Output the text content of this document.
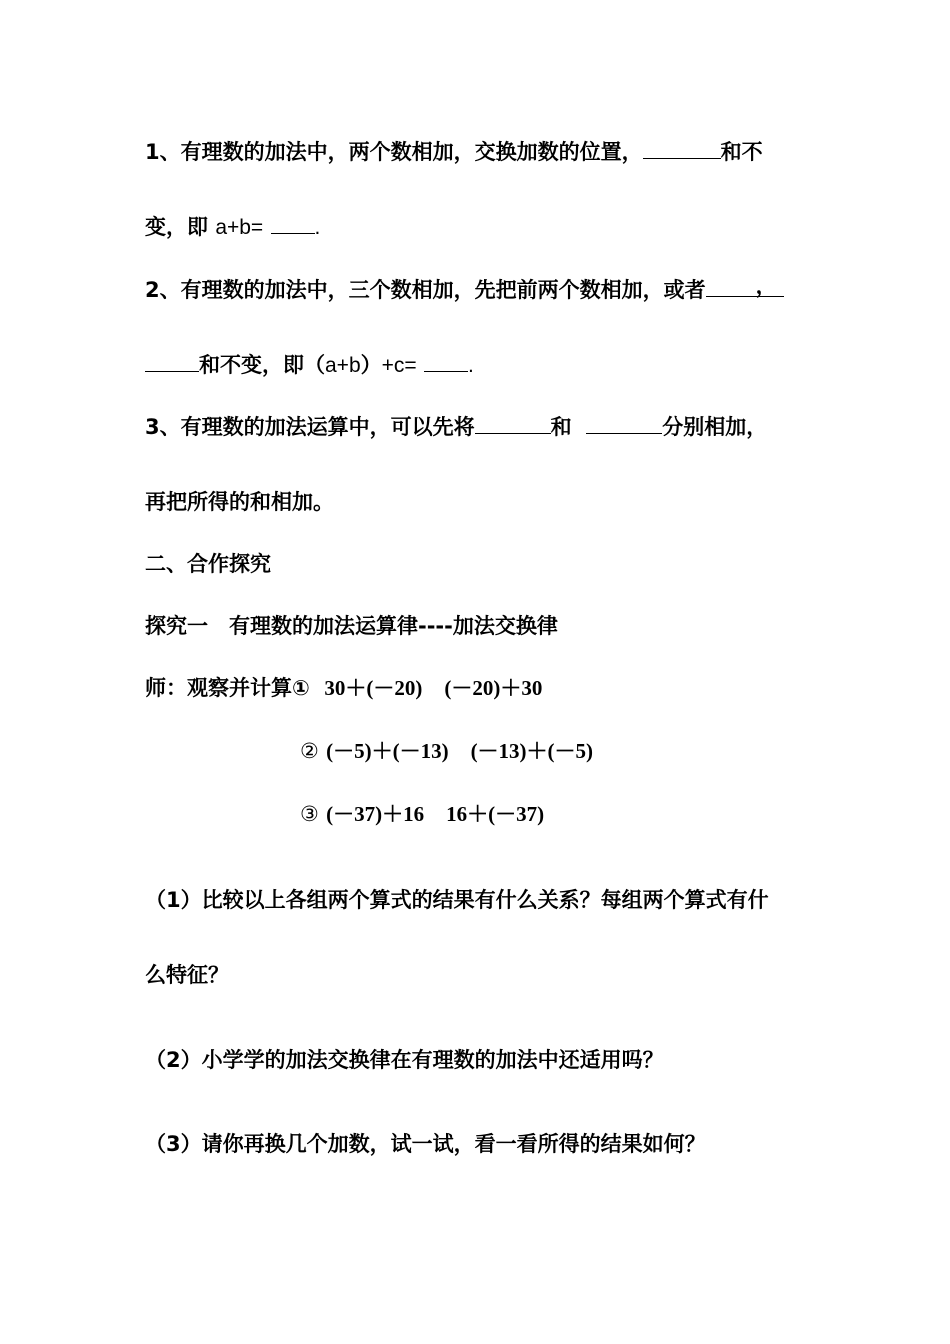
1、有理数的加法中，两个数相加，交换加数的位置，	和不
变，即 a+b= .
2、有理数的加法中，三个数相加，先把前两个数相加，或者 ，
和不变，即（a+b）+c= .
3、有理数的加法运算中，可以先将	和	分别相加，
再把所得的和相加。
二、合作探究
探究一　有理数的加法运算律----加法交换律
师：观察并计算① 30＋(－20) (－20)＋30
② (－5)＋(－13) (－13)＋(－5)
③ (－37)＋16 16＋(－37)
（1）比较以上各组两个算式的结果有什么关系？每组两个算式有什
么特征？
（2）小学学的加法交换律在有理数的加法中还适用吗？
（3）请你再换几个加数，试一试，看一看所得的结果如何？
